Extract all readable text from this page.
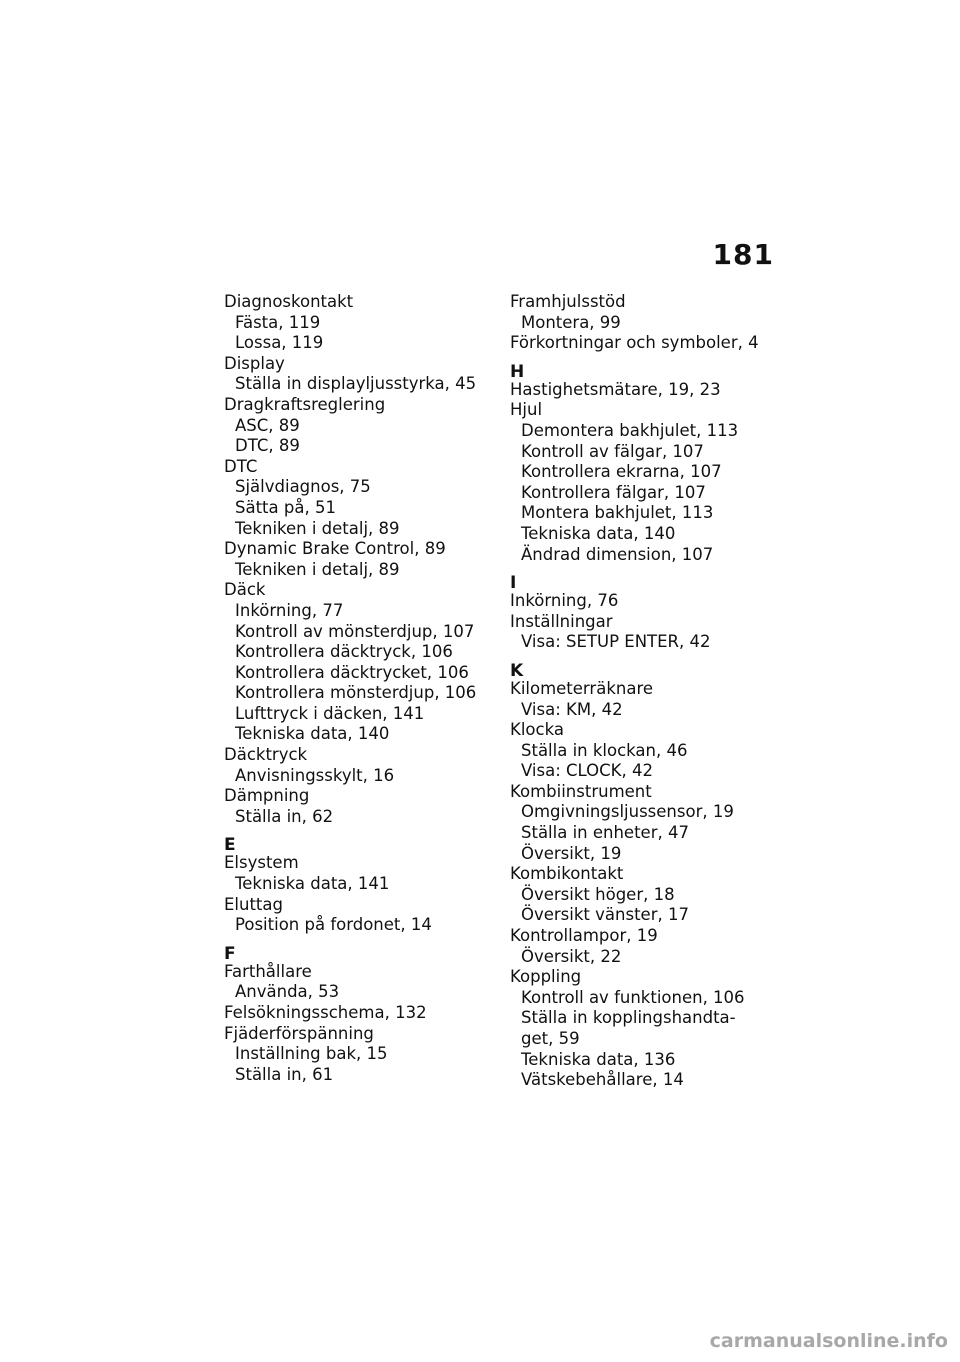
181
Diagnoskontakt
Fästa, 119
Lossa, 119
Display
Ställa in displayljusstyrka, 45
Dragkraftsreglering
ASC, 89
DTC, 89
DTC
Självdiagnos, 75
Sätta på, 51
Tekniken i detalj, 89
Dynamic Brake Control, 89
Tekniken i detalj, 89
Däck
Inkörning, 77
Kontroll av mönsterdjup, 107
Kontrollera däcktryck, 106
Kontrollera däcktrycket, 106
Kontrollera mönsterdjup, 106
Lufttryck i däcken, 141
Tekniska data, 140
Däcktryck
Anvisningsskylt, 16
Dämpning
Ställa in, 62
E
Elsystem
Tekniska data, 141
Eluttag
Position på fordonet, 14
F
Farthållare
Använda, 53
Felsökningsschema, 132
Fjäderförspänning
Inställning bak, 15
Ställa in, 61
Framhjulsstöd
Montera, 99
Förkortningar och symboler, 4
H
Hastighetsmätare, 19, 23
Hjul
Demontera bakhjulet, 113
Kontroll av fälgar, 107
Kontrollera ekrarna, 107
Kontrollera fälgar, 107
Montera bakhjulet, 113
Tekniska data, 140
Ändrad dimension, 107
I
Inkörning, 76
Inställningar
Visa: SETUP ENTER, 42
K
Kilometerräknare
Visa: KM, 42
Klocka
Ställa in klockan, 46
Visa: CLOCK, 42
Kombiinstrument
Omgivningsljussensor, 19
Ställa in enheter, 47
Översikt, 19
Kombikontakt
Översikt höger, 18
Översikt vänster, 17
Kontrollampor, 19
Översikt, 22
Koppling
Kontroll av funktionen, 106
Ställa in kopplingshandta-
get, 59
Tekniska data, 136
Vätskebehållare, 14
carmanualsonline.info
